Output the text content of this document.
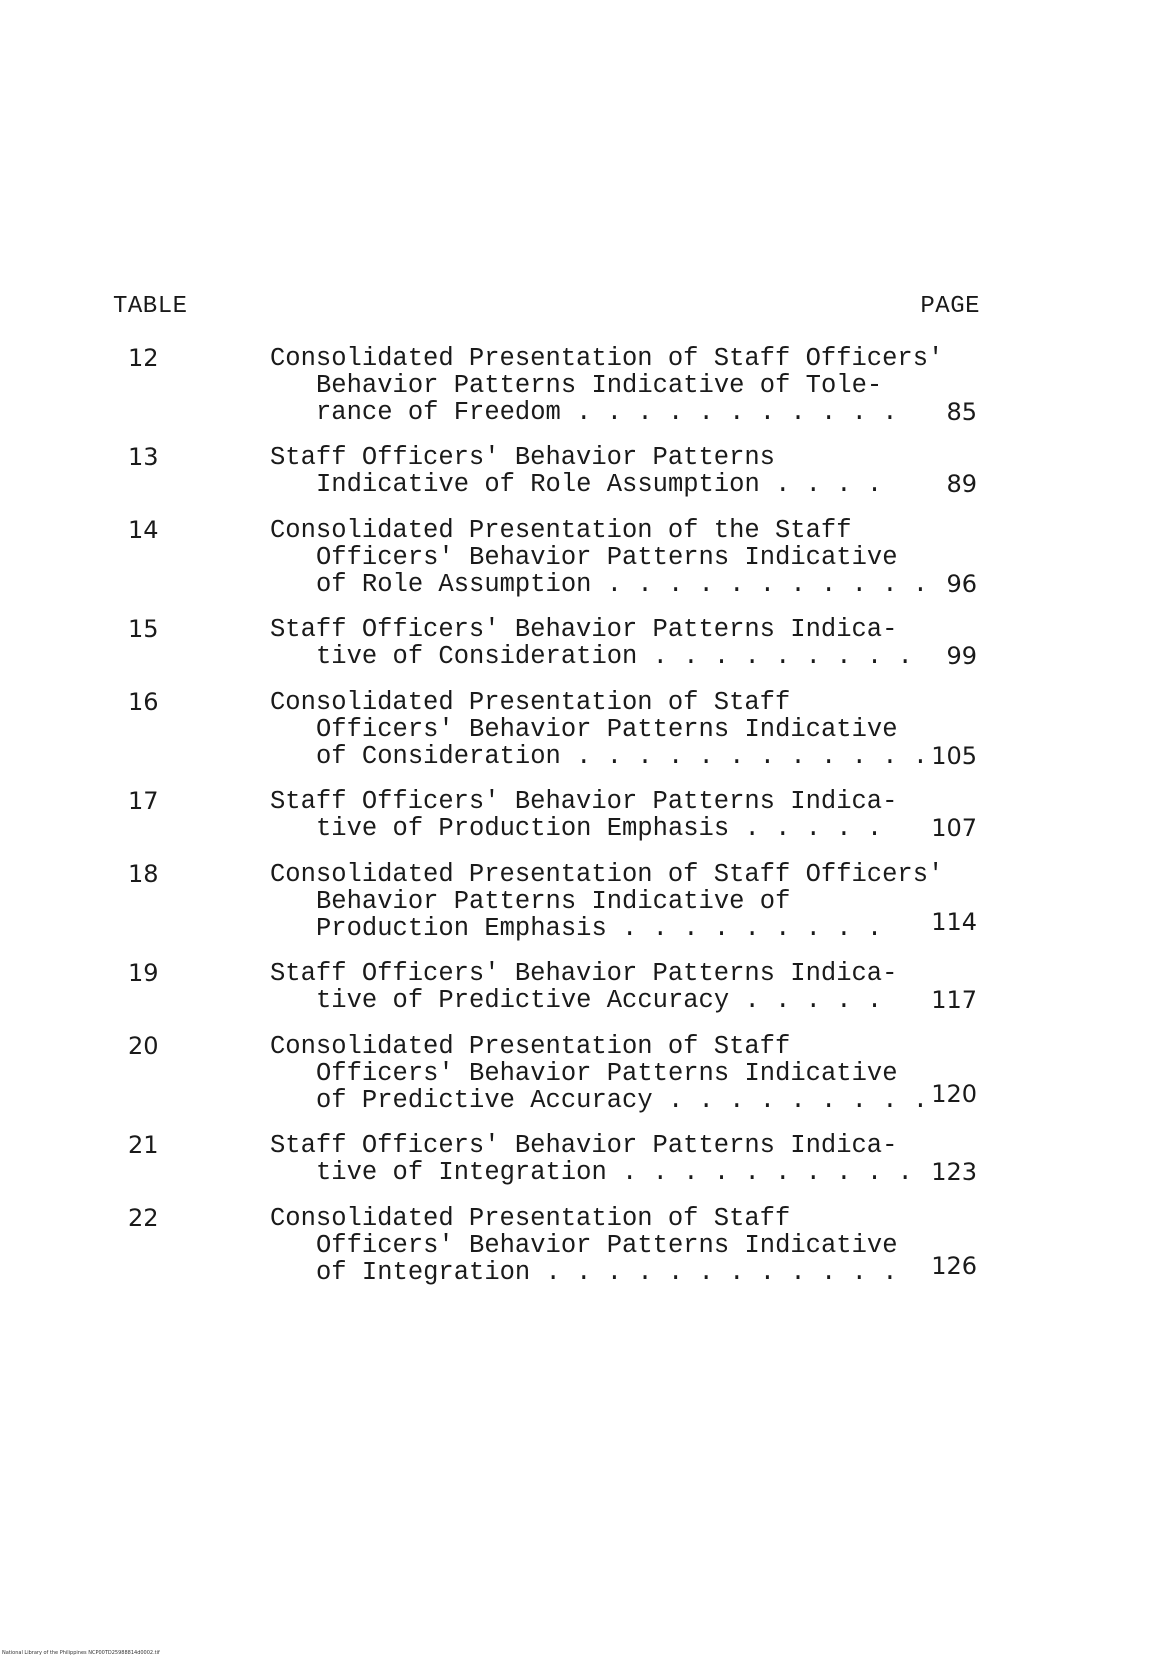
TABLE	PAGE
12	Consolidated Presentation of Staff Officers'
Behavior Patterns Indicative of Tole-
rance of Freedom . . . . . . . . . . .	85
13	Staff Officers' Behavior Patterns
Indicative of Role Assumption . . . .	89
14	Consolidated Presentation of the Staff
Officers' Behavior Patterns Indicative
of Role Assumption . . . . . . . . . . . 96
15	Staff Officers' Behavior Patterns Indica-
tive of Consideration . . . . . . . . .	99
16	Consolidated Presentation of Staff
Officers' Behavior Patterns Indicative
of Consideration . . . . . . . . . . . . 105
17	Staff Officers' Behavior Patterns Indica-
tive of Production Emphasis . . . . .	107
18	Consolidated Presentation of Staff Officers'
Behavior Patterns Indicative of
Production Emphasis . . . . . . . . .	114
19	Staff Officers' Behavior Patterns Indica-
tive of Predictive Accuracy . . . . .	117
20	Consolidated Presentation of Staff
Officers' Behavior Patterns Indicative
of Predictive Accuracy . . . . . . . . . 120
21	Staff Officers' Behavior Patterns Indica-
tive of Integration . . . . . . . . . . 123
22	Consolidated Presentation of Staff
Officers' Behavior Patterns Indicative
of Integration . . . . . . . . . . . .	126
National Library of the Philippines NCP00TD25988814d0002.tif
